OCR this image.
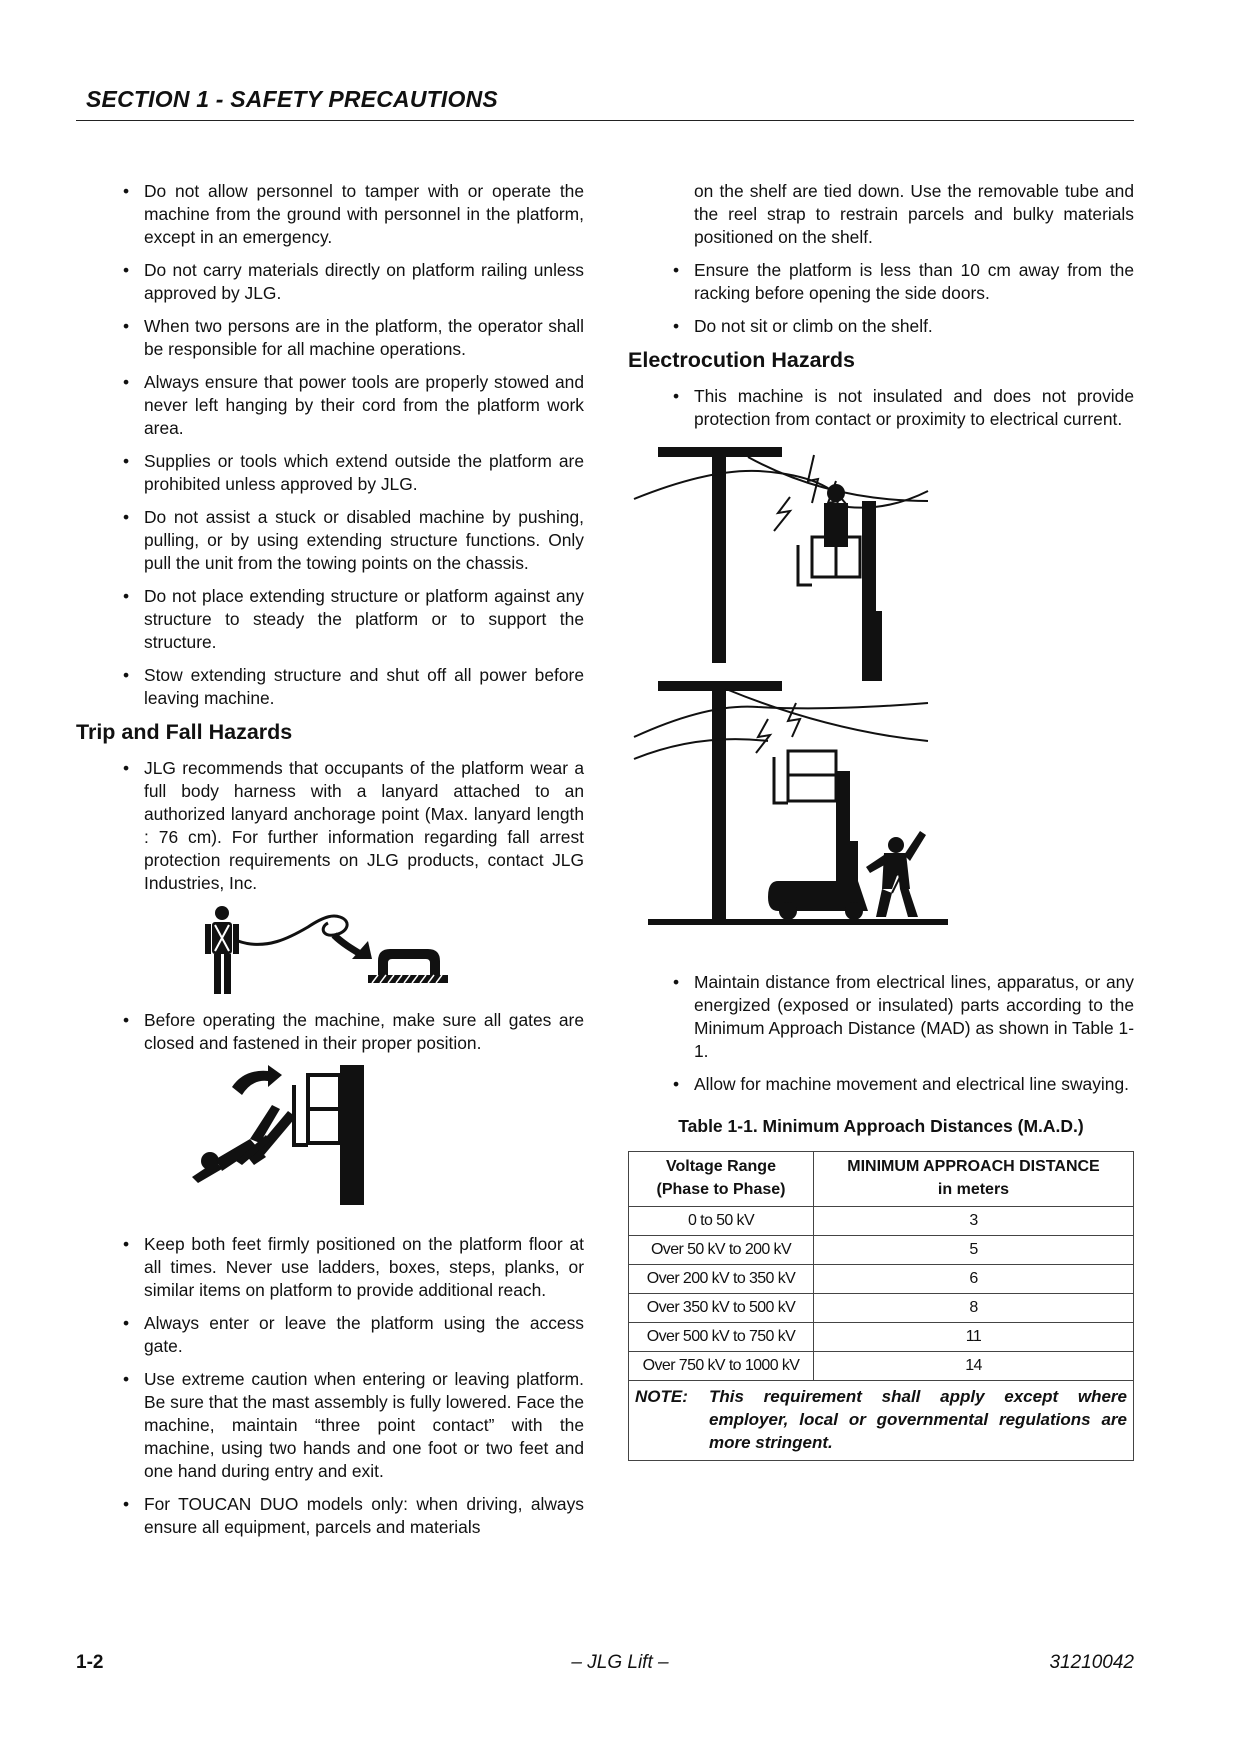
SECTION 1 - SAFETY PRECAUTIONS
• Do not allow personnel to tamper with or operate the machine from the ground with personnel in the platform, except in an emergency.
• Do not carry materials directly on platform railing unless approved by JLG.
• When two persons are in the platform, the operator shall be responsible for all machine operations.
• Always ensure that power tools are properly stowed and never left hanging by their cord from the platform work area.
• Supplies or tools which extend outside the platform are prohibited unless approved by JLG.
• Do not assist a stuck or disabled machine by pushing, pulling, or by using extending structure functions. Only pull the unit from the towing points on the chassis.
• Do not place extending structure or platform against any structure to steady the platform or to support the structure.
• Stow extending structure and shut off all power before leaving machine.
Trip and Fall Hazards
• JLG recommends that occupants of the platform wear a full body harness with a lanyard attached to an authorized lanyard anchorage point (Max. lanyard length : 76 cm). For further information regarding fall arrest protection requirements on JLG products, contact JLG Industries, Inc.
• Before operating the machine, make sure all gates are closed and fastened in their proper position.
• Keep both feet firmly positioned on the platform floor at all times. Never use ladders, boxes, steps, planks, or similar items on platform to provide additional reach.
• Always enter or leave the platform using the access gate.
• Use extreme caution when entering or leaving platform. Be sure that the mast assembly is fully lowered. Face the machine, maintain “three point contact” with the machine, using two hands and one foot or two feet and one hand during entry and exit.
• For TOUCAN DUO models only: when driving, always ensure all equipment, parcels and materials
on the shelf are tied down. Use the removable tube and the reel strap to restrain parcels and bulky materials positioned on the shelf.
• Ensure the platform is less than 10 cm away from the racking before opening the side doors.
• Do not sit or climb on the shelf.
Electrocution Hazards
• This machine is not insulated and does not provide protection from contact or proximity to electrical current.
• Maintain distance from electrical lines, apparatus, or any energized (exposed or insulated) parts according to the Minimum Approach Distance (MAD) as shown in Table 1-1.
• Allow for machine movement and electrical line swaying.
Table 1-1. Minimum Approach Distances (M.A.D.)
Voltage Range
(Phase to Phase)	MINIMUM APPROACH DISTANCE
in meters
0 to 50 kV	3
Over 50 kV to 200 kV	5
Over 200 kV to 350 kV	6
Over 350 kV to 500 kV	8
Over 500 kV to 750 kV	11
Over 750 kV to 1000 kV	14

NOTE: This requirement shall apply except where employer, local or governmental regulations are more stringent.	
1-2	– JLG Lift –	31210042
